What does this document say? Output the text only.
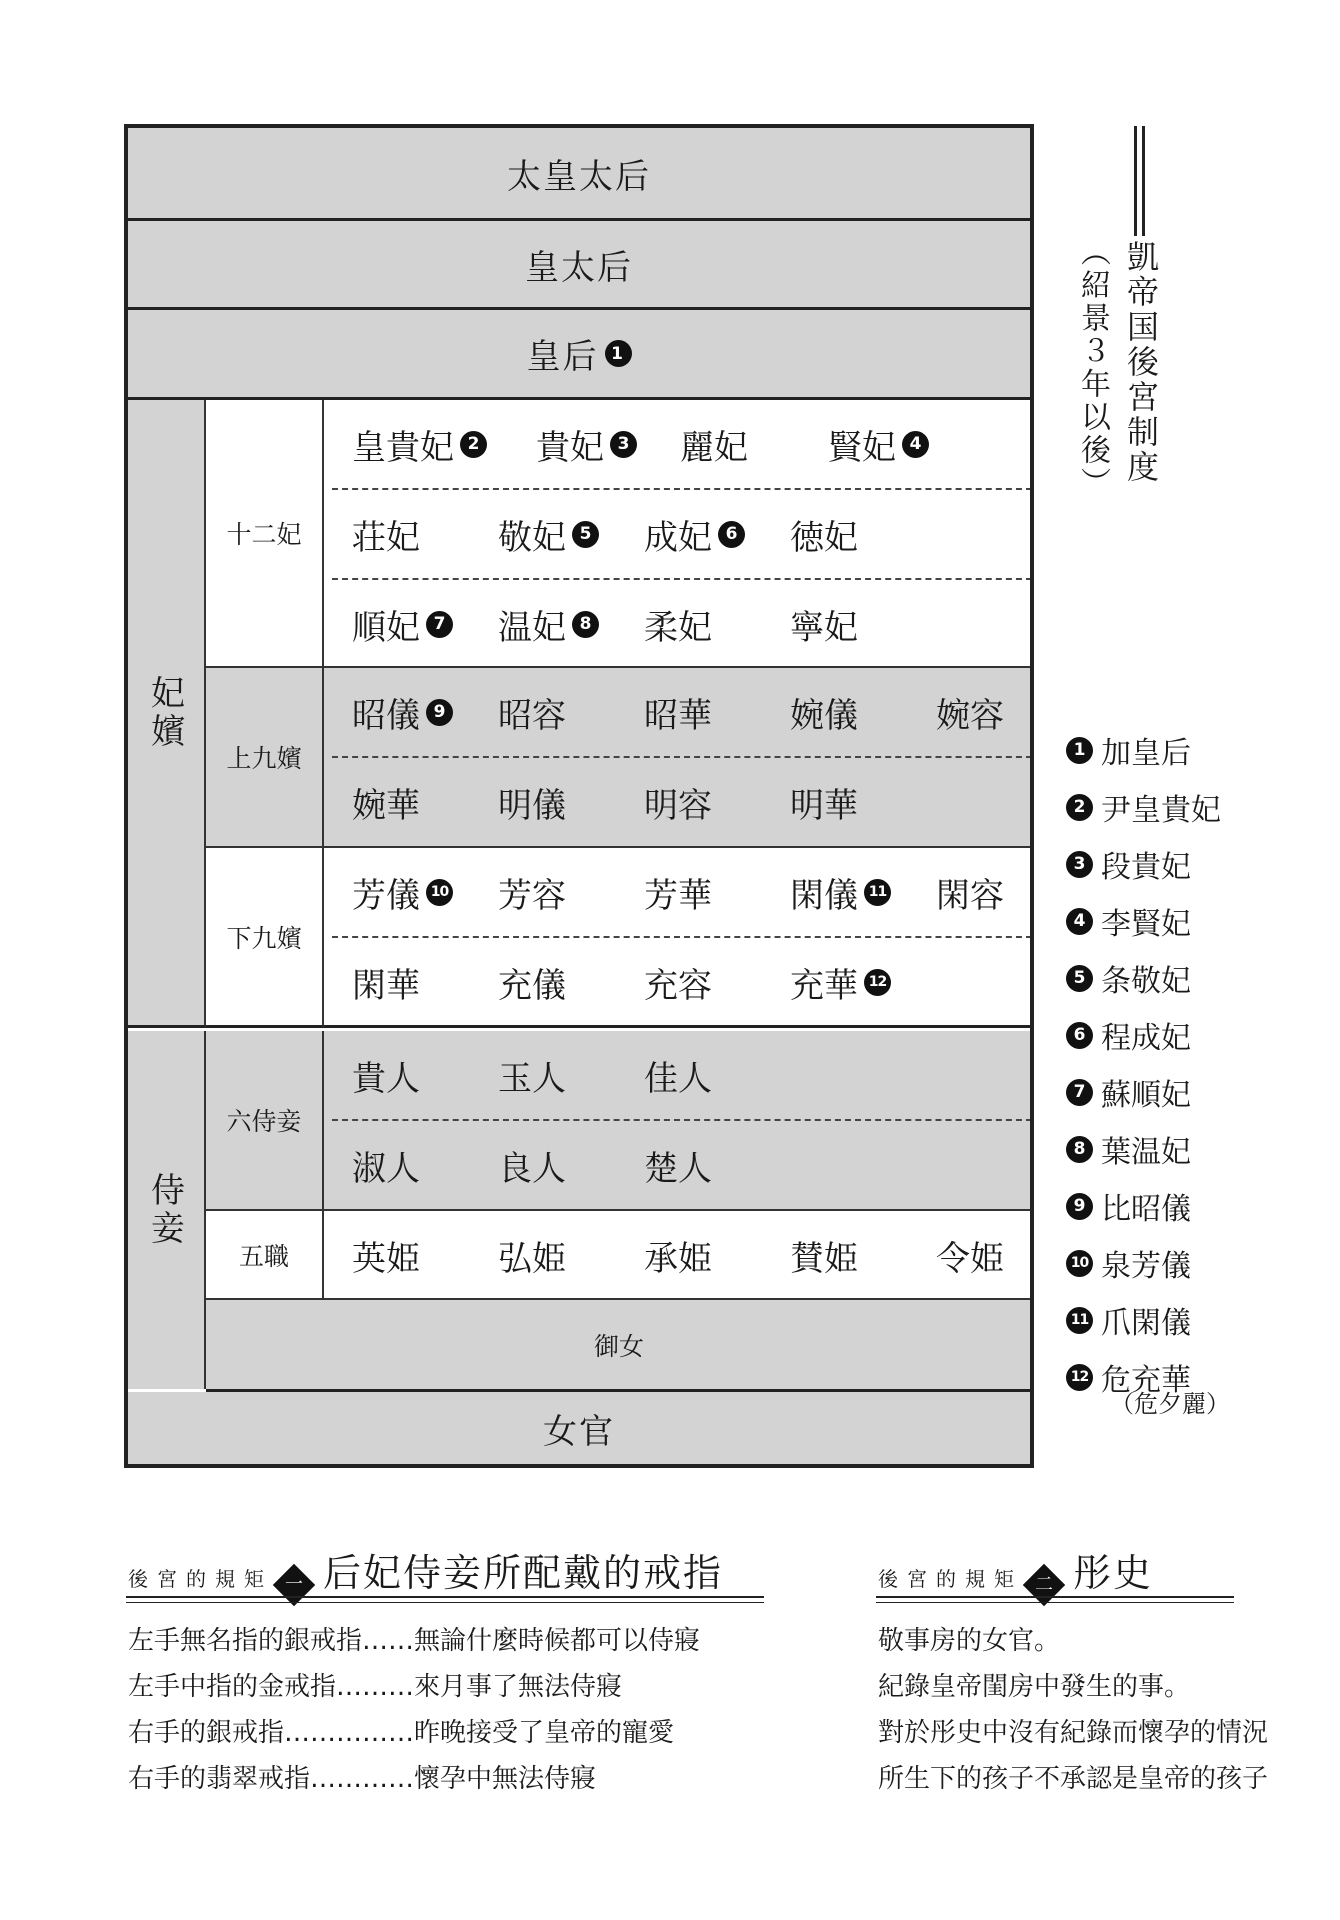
太皇太后
皇太后
皇后 1
妃嬪
侍妾
十二妃
上九嬪
下九嬪
六侍妾
五職
皇貴妃 2 貴妃 3 麗妃 賢妃 4
荘妃 敬妃 5 成妃 6 徳妃
順妃 7 温妃 8 柔妃 寧妃
昭儀 9 昭容 昭華 婉儀 婉容
婉華 明儀 明容 明華
芳儀 10 芳容 芳華 閑儀 11 閑容
閑華 充儀 充容 充華 12
貴人 玉人 佳人
淑人 良人 楚人
英姫 弘姫 承姫 賛姫 令姫
御女
女官
凱帝国後宮制度
（紹景３年以後）
1 加皇后
2 尹皇貴妃
3 段貴妃
4 李賢妃
5 条敬妃
6 程成妃
7 蘇順妃
8 葉温妃
9 比昭儀
10 泉芳儀
11 爪閑儀
12 危充華
（危夕麗）
後宮的規矩 一 后妃侍妾所配戴的戒指
左手無名指的銀戒指……無論什麼時候都可以侍寢
左手中指的金戒指………來月事了無法侍寢
右手的銀戒指……………昨晚接受了皇帝的寵愛
右手的翡翠戒指…………懷孕中無法侍寢
後宮的規矩 二 彤史
敬事房的女官。
紀錄皇帝閨房中發生的事。
對於彤史中沒有紀錄而懷孕的情況
所生下的孩子不承認是皇帝的孩子
